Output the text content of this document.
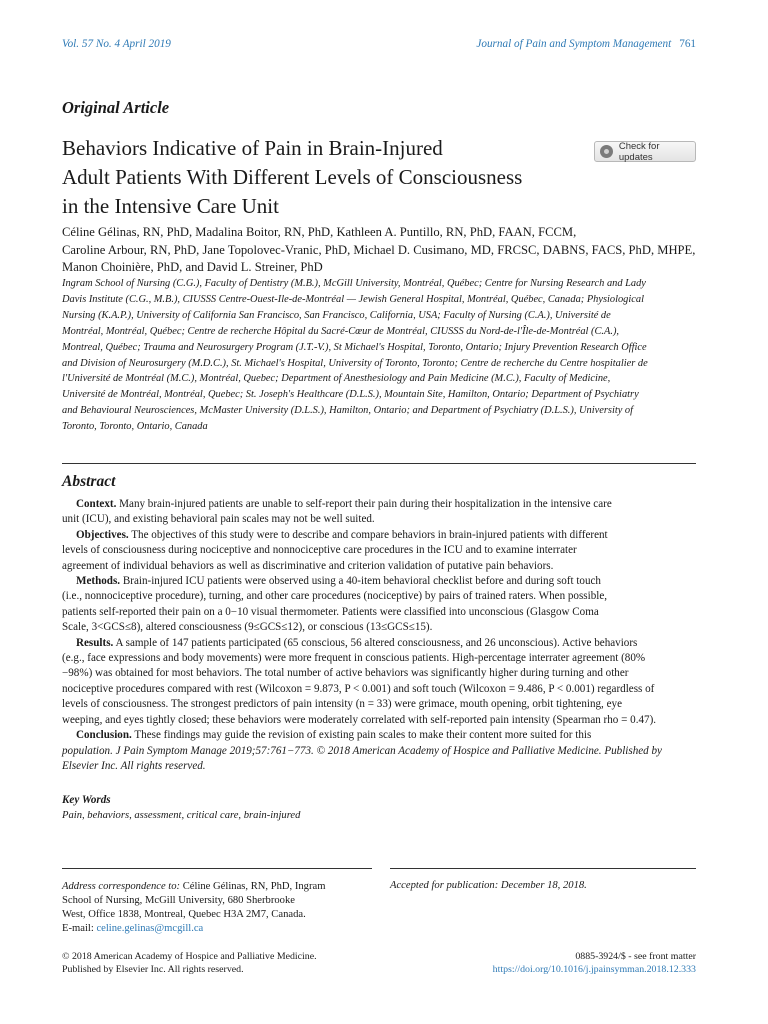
Vol. 57 No. 4 April 2019	Journal of Pain and Symptom Management 761
Original Article
Behaviors Indicative of Pain in Brain-Injured
Adult Patients With Different Levels of Consciousness
in the Intensive Care Unit
Check for updates
Céline Gélinas, RN, PhD, Madalina Boitor, RN, PhD, Kathleen A. Puntillo, RN, PhD, FAAN, FCCM,
Caroline Arbour, RN, PhD, Jane Topolovec-Vranic, PhD, Michael D. Cusimano, MD, FRCSC, DABNS, FACS, PhD, MHPE,
Manon Choinière, PhD, and David L. Streiner, PhD
Ingram School of Nursing (C.G.), Faculty of Dentistry (M.B.), McGill University, Montréal, Québec; Centre for Nursing Research and Lady
Davis Institute (C.G., M.B.), CIUSSS Centre-Ouest-Ile-de-Montréal — Jewish General Hospital, Montréal, Québec, Canada; Physiological
Nursing (K.A.P.), University of California San Francisco, San Francisco, California, USA; Faculty of Nursing (C.A.), Université de
Montréal, Montréal, Québec; Centre de recherche Hôpital du Sacré-Cœur de Montréal, CIUSSS du Nord-de-l'Île-de-Montréal (C.A.),
Montreal, Québec; Trauma and Neurosurgery Program (J.T.-V.), St Michael's Hospital, Toronto, Ontario; Injury Prevention Research Office
and Division of Neurosurgery (M.D.C.), St. Michael's Hospital, University of Toronto, Toronto; Centre de recherche du Centre hospitalier de
l'Université de Montréal (M.C.), Montréal, Quebec; Department of Anesthesiology and Pain Medicine (M.C.), Faculty of Medicine,
Université de Montréal, Montréal, Quebec; St. Joseph's Healthcare (D.L.S.), Mountain Site, Hamilton, Ontario; Department of Psychiatry
and Behavioural Neurosciences, McMaster University (D.L.S.), Hamilton, Ontario; and Department of Psychiatry (D.L.S.), University of
Toronto, Toronto, Ontario, Canada
Abstract
Context. Many brain-injured patients are unable to self-report their pain during their hospitalization in the intensive care
unit (ICU), and existing behavioral pain scales may not be well suited.
Objectives. The objectives of this study were to describe and compare behaviors in brain-injured patients with different
levels of consciousness during nociceptive and nonnociceptive care procedures in the ICU and to examine interrater
agreement of individual behaviors as well as discriminative and criterion validation of putative pain behaviors.
Methods. Brain-injured ICU patients were observed using a 40-item behavioral checklist before and during soft touch
(i.e., nonnociceptive procedure), turning, and other care procedures (nociceptive) by pairs of trained raters. When possible,
patients self-reported their pain on a 0−10 visual thermometer. Patients were classified into unconscious (Glasgow Coma
Scale, 3<GCS≤8), altered consciousness (9≤GCS≤12), or conscious (13≤GCS≤15).
Results. A sample of 147 patients participated (65 conscious, 56 altered consciousness, and 26 unconscious). Active behaviors
(e.g., face expressions and body movements) were more frequent in conscious patients. High-percentage interrater agreement (80%
−98%) was obtained for most behaviors. The total number of active behaviors was significantly higher during turning and other
nociceptive procedures compared with rest (Wilcoxon = 9.873, P < 0.001) and soft touch (Wilcoxon = 9.486, P < 0.001) regardless of
levels of consciousness. The strongest predictors of pain intensity (n = 33) were grimace, mouth opening, orbit tightening, eye
weeping, and eyes tightly closed; these behaviors were moderately correlated with self-reported pain intensity (Spearman rho = 0.47).
Conclusion. These findings may guide the revision of existing pain scales to make their content more suited for this
population. J Pain Symptom Manage 2019;57:761−773. © 2018 American Academy of Hospice and Palliative Medicine. Published by
Elsevier Inc. All rights reserved.
Key Words
Pain, behaviors, assessment, critical care, brain-injured
Address correspondence to: Céline Gélinas, RN, PhD, Ingram
School of Nursing, McGill University, 680 Sherbrooke
West, Office 1838, Montreal, Quebec H3A 2M7, Canada.
E-mail: celine.gelinas@mcgill.ca
Accepted for publication: December 18, 2018.
© 2018 American Academy of Hospice and Palliative Medicine.
Published by Elsevier Inc. All rights reserved.
0885-3924/$ - see front matter
https://doi.org/10.1016/j.jpainsymman.2018.12.333
